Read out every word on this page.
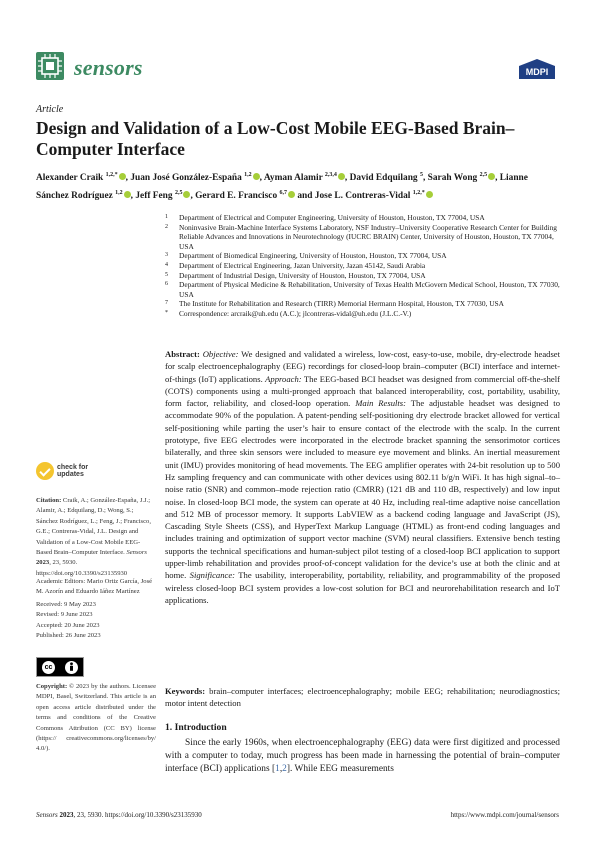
sensors	MDPI
Article
Design and Validation of a Low-Cost Mobile EEG-Based Brain–Computer Interface
Alexander Craik $^{1,2,*}$ , Juan José González-España $^{1,2}$ , Ayman Alamir $^{2,3,4}$ , David Edquilang $^5$, Sarah Wong $^{2,5}$ , Lianne Sánchez Rodríguez $^{1,2}$ , Jeff Feng $^{2,5}$ , Gerard E. Francisco $^{6,7}$ and Jose L. Contreras-Vidal $^{1,2,*}$
1	Department of Electrical and Computer Engineering, University of Houston, Houston, TX 77004, USA
2	Noninvasive Brain-Machine Interface Systems Laboratory, NSF Industry–University Cooperative Research Center for Building Reliable Advances and Innovations in Neurotechnology (IUCRC BRAIN) Center, University of Houston, Houston, TX 77004, USA
3	Department of Biomedical Engineering, University of Houston, Houston, TX 77004, USA
4	Department of Electrical Engineering, Jazan University, Jazan 45142, Saudi Arabia
5	Department of Industrial Design, University of Houston, Houston, TX 77004, USA
6	Department of Physical Medicine & Rehabilitation, University of Texas Health McGovern Medical School, Houston, TX 77030, USA
7	The Institute for Rehabilitation and Research (TIRR) Memorial Hermann Hospital, Houston, TX 77030, USA
*	Correspondence: arcraik@uh.edu (A.C.); jlcontreras-vidal@uh.edu (J.L.C.-V.)
check for
updates
Citation: Craik, A.; González-España, J.J.; Alamir, A.; Edquilang, D.; Wong, S.; Sánchez Rodríguez, L.; Feng, J.; Francisco, G.E.; Contreras-Vidal, J.L. Design and Validation of a Low-Cost Mobile EEG-Based Brain–Computer Interface. Sensors 2023, 23, 5930. https://doi.org/10.3390/s23135930
Academic Editors: Mario Ortiz García, José M. Azorín and Eduardo Iáñez Martínez
Received: 9 May 2023
Revised: 9 June 2023
Accepted: 20 June 2023
Published: 26 June 2023
cc
Copyright: © 2023 by the authors. Licensee MDPI, Basel, Switzerland. This article is an open access article distributed under the terms and conditions of the Creative Commons Attribution (CC BY) license (https:// creativecommons.org/licenses/by/ 4.0/).
Abstract: Objective: We designed and validated a wireless, low-cost, easy-to-use, mobile, dry-electrode headset for scalp electroencephalography (EEG) recordings for closed-loop brain–computer (BCI) interface and internet-of-things (IoT) applications. Approach: The EEG-based BCI headset was designed from commercial off-the-shelf (COTS) components using a multi-pronged approach that balanced interoperability, cost, portability, usability, form factor, reliability, and closed-loop operation. Main Results: The adjustable headset was designed to accommodate 90% of the population. A patent-pending self-positioning dry electrode bracket allowed for vertical self-positioning while parting the user’s hair to ensure contact of the electrode with the scalp. In the current prototype, five EEG electrodes were incorporated in the electrode bracket spanning the sensorimotor cortices bilaterally, and three skin sensors were included to measure eye movement and blinks. An inertial measurement unit (IMU) provides monitoring of head movements. The EEG amplifier operates with 24-bit resolution up to 500 Hz sampling frequency and can communicate with other devices using 802.11 b/g/n WiFi. It has high signal–to–noise ratio (SNR) and common–mode rejection ratio (CMRR) (121 dB and 110 dB, respectively) and low input noise. In closed-loop BCI mode, the system can operate at 40 Hz, including real-time adaptive noise cancellation and 512 MB of processor memory. It supports LabVIEW as a backend coding language and JavaScript (JS), Cascading Style Sheets (CSS), and HyperText Markup Language (HTML) as front-end coding languages and includes training and optimization of support vector machine (SVM) neural classifiers. Extensive bench testing supports the technical specifications and human-subject pilot testing of a closed-loop BCI application to support upper-limb rehabilitation and provides proof-of-concept validation for the device’s use at both the clinic and at home. Significance: The usability, interoperability, portability, reliability, and programmability of the proposed wireless closed-loop BCI system provides a low-cost solution for BCI and neurorehabilitation research and IoT applications.
Keywords: brain–computer interfaces; electroencephalography; mobile EEG; rehabilitation; neurodiagnostics; motor intent detection
1. Introduction
Since the early 1960s, when electroencephalography (EEG) data were first digitized and processed with a computer to today, much progress has been made in harnessing the potential of brain–computer interface (BCI) applications [1,2]. While EEG measurements
Sensors 2023, 23, 5930. https://doi.org/10.3390/s23135930	https://www.mdpi.com/journal/sensors
